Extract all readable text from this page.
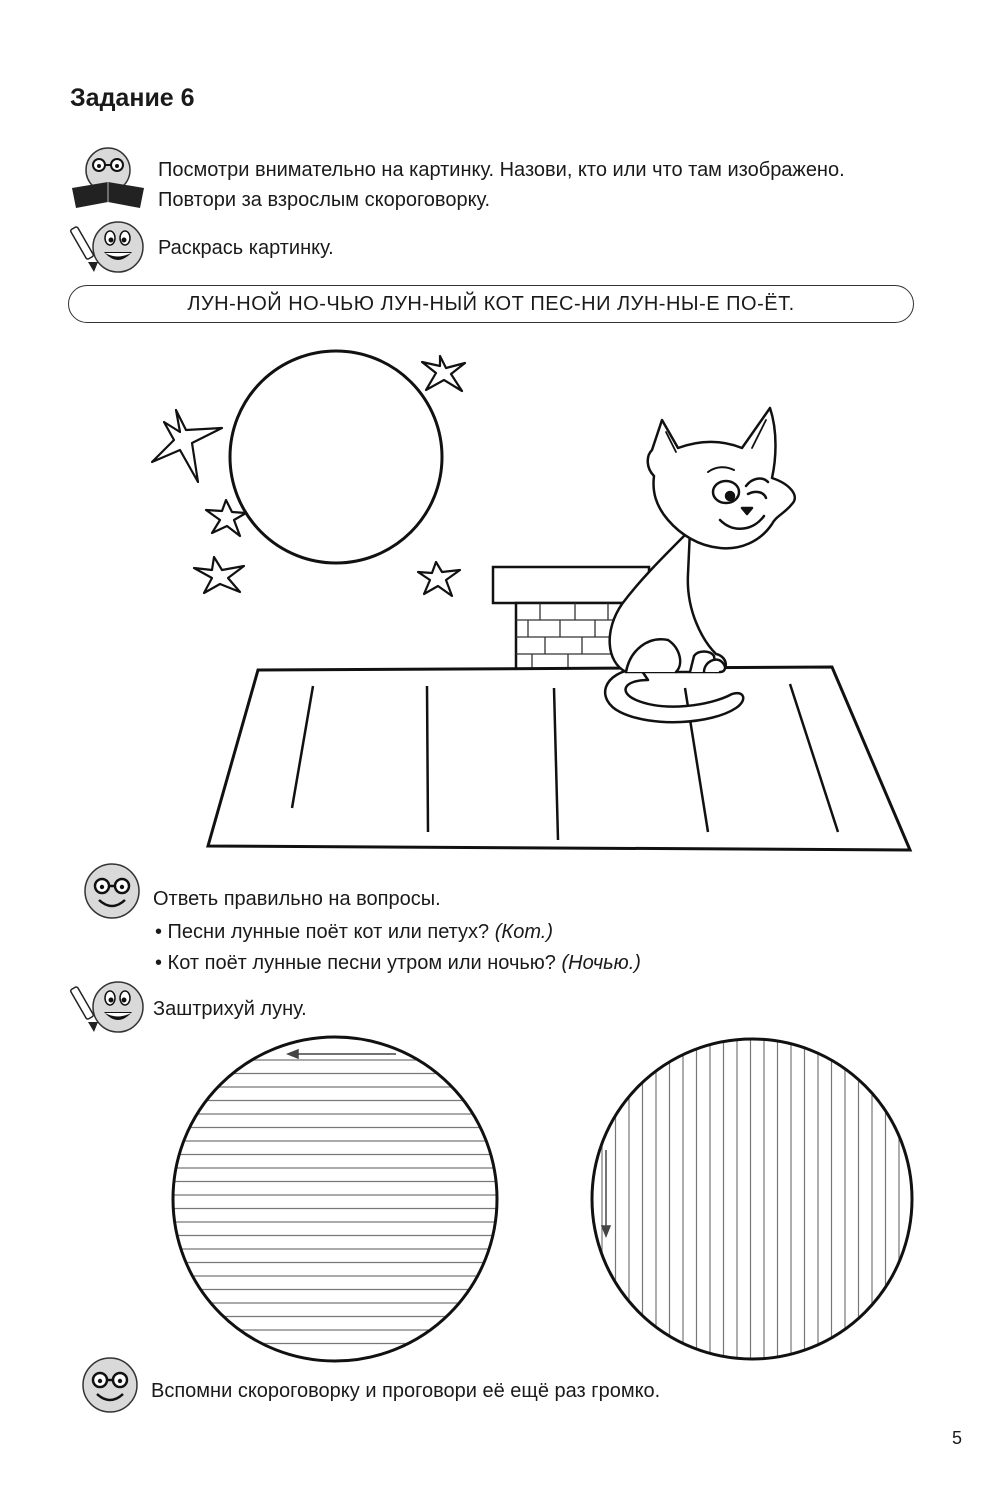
Задание 6
Посмотри внимательно на картинку. Назови, кто или что там изображено.
Повтори за взрослым скороговорку.
Раскрась картинку.
ЛУН-НОЙ НО-ЧЬЮ ЛУН-НЫЙ КОТ ПЕС-НИ ЛУН-НЫ-Е ПО-ЁТ.
Ответь правильно на вопросы.
• Песни лунные поёт кот или петух? (Кот.)
• Кот поёт лунные песни утром или ночью? (Ночью.)
Заштрихуй луну.
Вспомни скороговорку и проговори её ещё раз громко.
5
